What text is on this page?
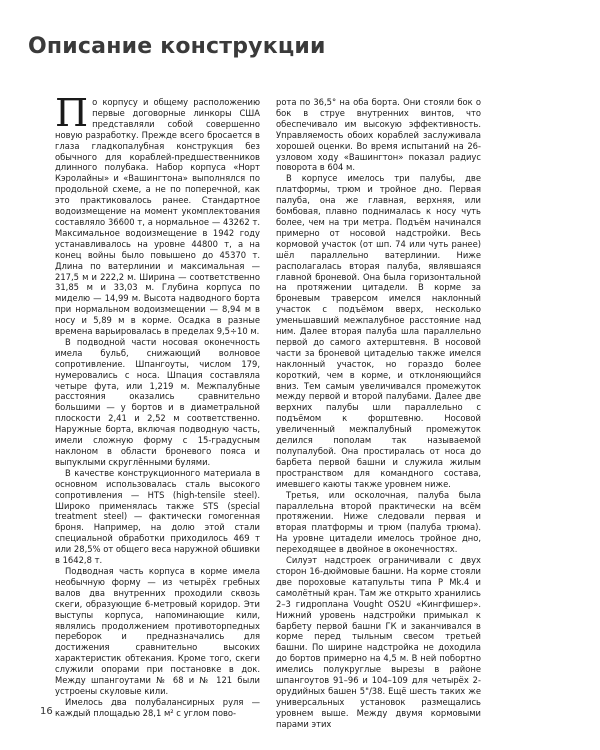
Описание конструкции

По корпусу и общему расположению первые договорные линкоры США представляли собой совершенно новую разработку. Прежде всего бросается в глаза гладкопалубная конструкция без обычного для кораблей-предшественников длинного полубака. Набор корпуса «Норт Кэролайны» и «Вашингтона» выполнялся по продольной схеме, а не по поперечной, как это практиковалось ранее. Стандартное водоизмещение на момент укомплектования составляло 36600 т, а нормальное — 43262 т. Максимальное водоизмещение в 1942 году устанавливалось на уровне 44800 т, а на конец войны было повышено до 45370 т. Длина по ватерлинии и максимальная — 217,5 м и 222,2 м. Ширина — соответственно 31,85 м и 33,03 м. Глубина корпуса по миделю — 14,99 м. Высота надводного борта при нормальном водоизмещении — 8,94 м в носу и 5,89 м в корме. Осадка в разные времена варьировалась в пределах 9,5÷10 м.

В подводной части носовая оконечность имела бульб, снижающий волновое сопротивление. Шпангоуты, числом 179, нумеровались с носа. Шпация составляла четыре фута, или 1,219 м. Межпалубные расстояния оказались сравнительно большими — у бортов и в диаметральной плоскости 2,41 и 2,52 м соответственно. Наружные борта, включая подводную часть, имели сложную форму с 15-градусным наклоном в области броневого пояса и выпуклыми скруглёнными булями.

В качестве конструкционного материала в основном использовалась сталь высокого сопротивления — HTS (high-tensile steel). Широко применялась также STS (special treatment steel) — фактически гомогенная броня. Например, на долю этой стали специальной обработки приходилось 469 т или 28,5% от общего веса наружной обшивки в 1642,8 т.

Подводная часть корпуса в корме имела необычную форму — из четырёх гребных валов два внутренних проходили сквозь скеги, образующие 6-метровый коридор. Эти выступы корпуса, напоминающие кили, являлись продолжением противоторпедных переборок и предназначались для достижения сравнительно высоких характеристик обтекания. Кроме того, скеги служили опорами при постановке в док. Между шпангоутами № 68 и № 121 были устроены скуловые кили.

Имелось два полубалансирных руля — каждый площадью 28,1 м² с углом пово-

рота по 36,5° на оба борта. Они стояли бок о бок в струе внутренних винтов, что обеспечивало им высокую эффективность. Управляемость обоих кораблей заслуживала хорошей оценки. Во время испытаний на 26-узловом ходу «Вашингтон» показал радиус поворота в 604 м.

В корпусе имелось три палубы, две платформы, трюм и тройное дно. Первая палуба, она же главная, верхняя, или бомбовая, плавно поднималась к носу чуть более, чем на три метра. Подъём начинался примерно от носовой надстройки. Весь кормовой участок (от шп. 74 или чуть ранее) шёл параллельно ватерлинии. Ниже располагалась вторая палуба, являвшаяся главной броневой. Она была горизонтальной на протяжении цитадели. В корме за броневым траверсом имелся наклонный участок с подъёмом вверх, несколько уменьшавший межпалубное расстояние над ним. Далее вторая палуба шла параллельно первой до самого ахтерштевня. В носовой части за броневой цитаделью также имелся наклонный участок, но гораздо более короткий, чем в корме, и отклоняющийся вниз. Тем самым увеличивался промежуток между первой и второй палубами. Далее две верхних палубы шли параллельно с подъёмом к форштевню. Носовой увеличенный межпалубный промежуток делился пополам так называемой полупалубой. Она простиралась от носа до барбета первой башни и служила жилым пространством для командного состава, имевшего каюты также уровнем ниже.

Третья, или осколочная, палуба была параллельна второй практически на всём протяжении. Ниже следовали первая и вторая платформы и трюм (палуба трюма). На уровне цитадели имелось тройное дно, переходящее в двойное в оконечностях.

Силуэт надстроек ограничивали с двух сторон 16-дюймовые башни. На корме стояли две пороховые катапульты типа P Mk.4 и самолётный кран. Там же открыто хранились 2–3 гидроплана Vought OS2U «Кингфишер». Нижний уровень надстройки примыкал к барбету первой башни ГК и заканчивался в корме перед тыльным свесом третьей башни. По ширине надстройка не доходила до бортов примерно на 4,5 м. В ней побортно имелись полукруглые вырезы в районе шпангоутов 91–96 и 104–109 для четырёх 2-орудийных башен 5"/38. Ещё шесть таких же универсальных установок размещались уровнем выше. Между двумя кормовыми парами этих

16
